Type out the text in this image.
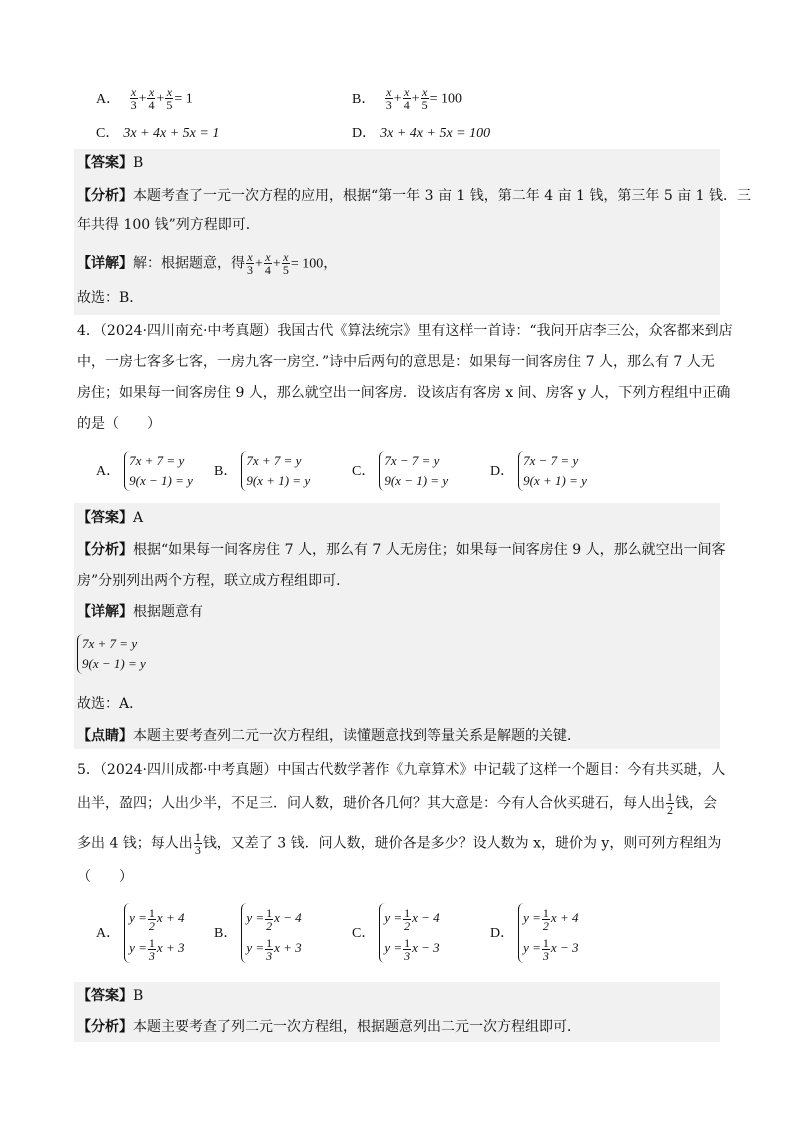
A． $\frac{x}{3} + \frac{x}{4} + \frac{x}{5} = 1$	B． $\frac{x}{3} + \frac{x}{4} + \frac{x}{5} = 100$
C． 3x + 4x + 5x = 1	D． 3x + 4x + 5x = 100
【答案】B
【分析】本题考查了一元一次方程的应用，根据“第一年 3 亩 1 钱，第二年 4 亩 1 钱，第三年 5 亩 1 钱．三
年共得 100 钱”列方程即可．
【详解】解：根据题意，得 $\frac{x}{3} + \frac{x}{4} + \frac{x}{5} = 100$，
故选：B．
4．（2024·四川南充·中考真题）我国古代《算法统宗》里有这样一首诗：“我问开店李三公，众客都来到店
中，一房七客多七客，一房九客一房空．”诗中后两句的意思是：如果每一间客房住 7 人，那么有 7 人无
房住；如果每一间客房住 9 人，那么就空出一间客房．设该店有客房 x 间、房客 y 人，下列方程组中正确
的是（　　）
A．
7x + 7 = y
9(x − 1) = y
B．
7x + 7 = y
9(x + 1) = y
C．
7x − 7 = y
9(x − 1) = y
D．
7x − 7 = y
9(x + 1) = y
【答案】A
【分析】根据“如果每一间客房住 7 人，那么有 7 人无房住；如果每一间客房住 9 人，那么就空出一间客
房”分别列出两个方程，联立成方程组即可．
【详解】根据题意有
7x + 7 = y
9(x − 1) = y
故选：A．
【点睛】本题主要考查列二元一次方程组，读懂题意找到等量关系是解题的关键．
5．（2024·四川成都·中考真题）中国古代数学著作《九章算术》中记载了这样一个题目：今有共买琎，人
出半，盈四；人出少半，不足三．问人数，琎价各几何？其大意是：今有人合伙买琎石，每人出 $\frac{1}{2}$ 钱，会
多出 4 钱；每人出 $\frac{1}{3}$ 钱，又差了 3 钱．问人数，琎价各是多少？设人数为 x，琎价为 y，则可列方程组为
（　　）
A．
$y = \frac{1}{2}$ x + 4
$y = \frac{1}{3}$ x + 3
B．
$y = \frac{1}{2}$ x − 4
$y = \frac{1}{3}$ x + 3
C．
$y = \frac{1}{2}$ x − 4
$y = \frac{1}{3}$ x − 3
D．
$y = \frac{1}{2}$ x + 4
$y = \frac{1}{3}$ x − 3
【答案】B
【分析】本题主要考查了列二元一次方程组，根据题意列出二元一次方程组即可．
